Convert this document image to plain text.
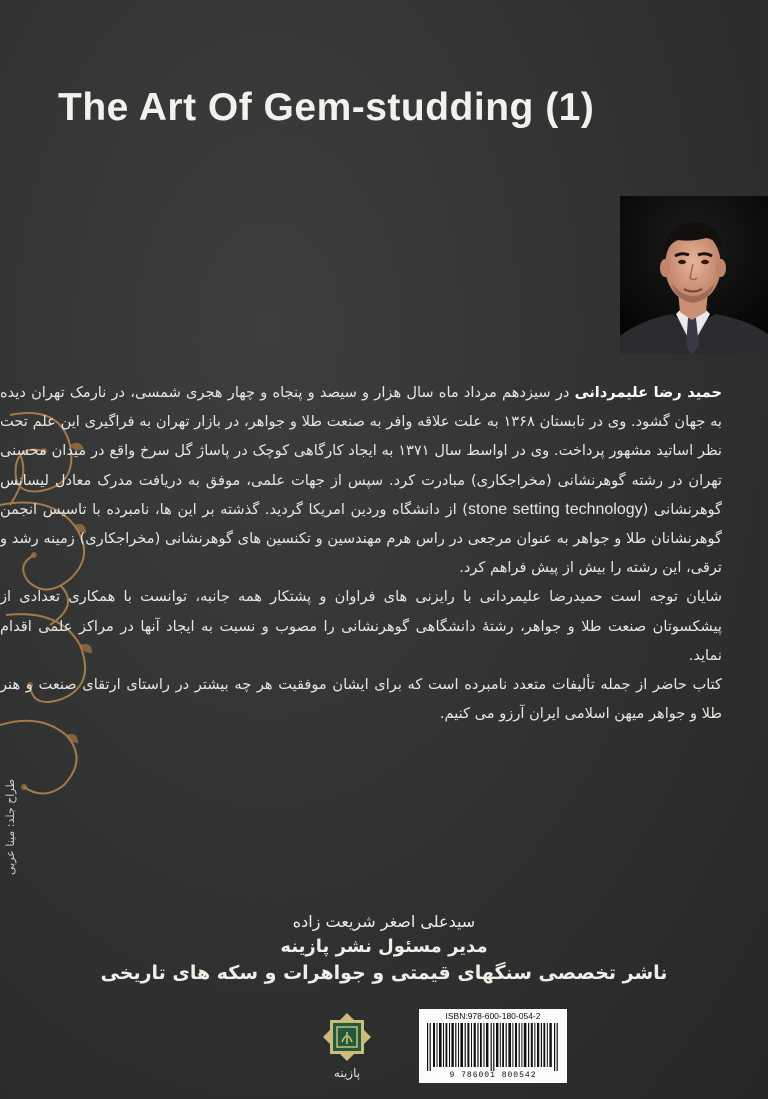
The Art Of Gem-studding (1)
طراح جلد: مینا عربی

حمید رضا علیمردانی در سیزدهم مرداد ماه سال هزار و سیصد و پنجاه و چهار هجری شمسی، در نارمک تهران دیده به جهان گشود. وی در تابستان ۱۳۶۸ به علت علاقه وافر به صنعت طلا و جواهر، در بازار تهران به فراگیری این علم تحت نظر اساتید مشهور پرداخت. وی در اواسط سال ۱۳۷۱ به ایجاد کارگاهی کوچک در پاساژ گل سرخ واقع در میدان محسنی تهران در رشته گوهرنشانی (مخراجکاری) مبادرت کرد. سپس از جهات علمی، موفق به دریافت مدرک معادل لیسانس گوهرنشانی (stone setting technology) از دانشگاه وردین امریکا گردید. گذشته بر این ها، نامبرده با تاسیس انجمن گوهرنشانان طلا و جواهر به عنوان مرجعی در راس هرم مهندسین و تکنسین های گوهرنشانی (مخراجکاری) زمینه رشد و ترقی، این رشته را بیش از پیش فراهم کرد.

شایان توجه است حمیدرضا علیمردانی با رایزنی های فراوان و پشتکار همه جانبه، توانست با همکاری تعدادی از پیشکسوتان صنعت طلا و جواهر، رشتهٔ دانشگاهی گوهرنشانی را مصوب و نسبت به ایجاد آنها در مراکز علمی اقدام نماید.

کتاب حاضر از جمله تألیفات متعدد نامبرده است که برای ایشان موفقیت هر چه بیشتر در راستای ارتقای صنعت و هنر طلا و جواهر میهن اسلامی ایران آرزو می کنیم.

سیدعلی اصغر شریعت زاده
مدیر مسئول نشر پازینه
ناشر تخصصی سنگهای قیمتی و جواهرات و سکه های تاریخی
پازینه
ISBN:978-600-180-054-2
9 786001 800542
